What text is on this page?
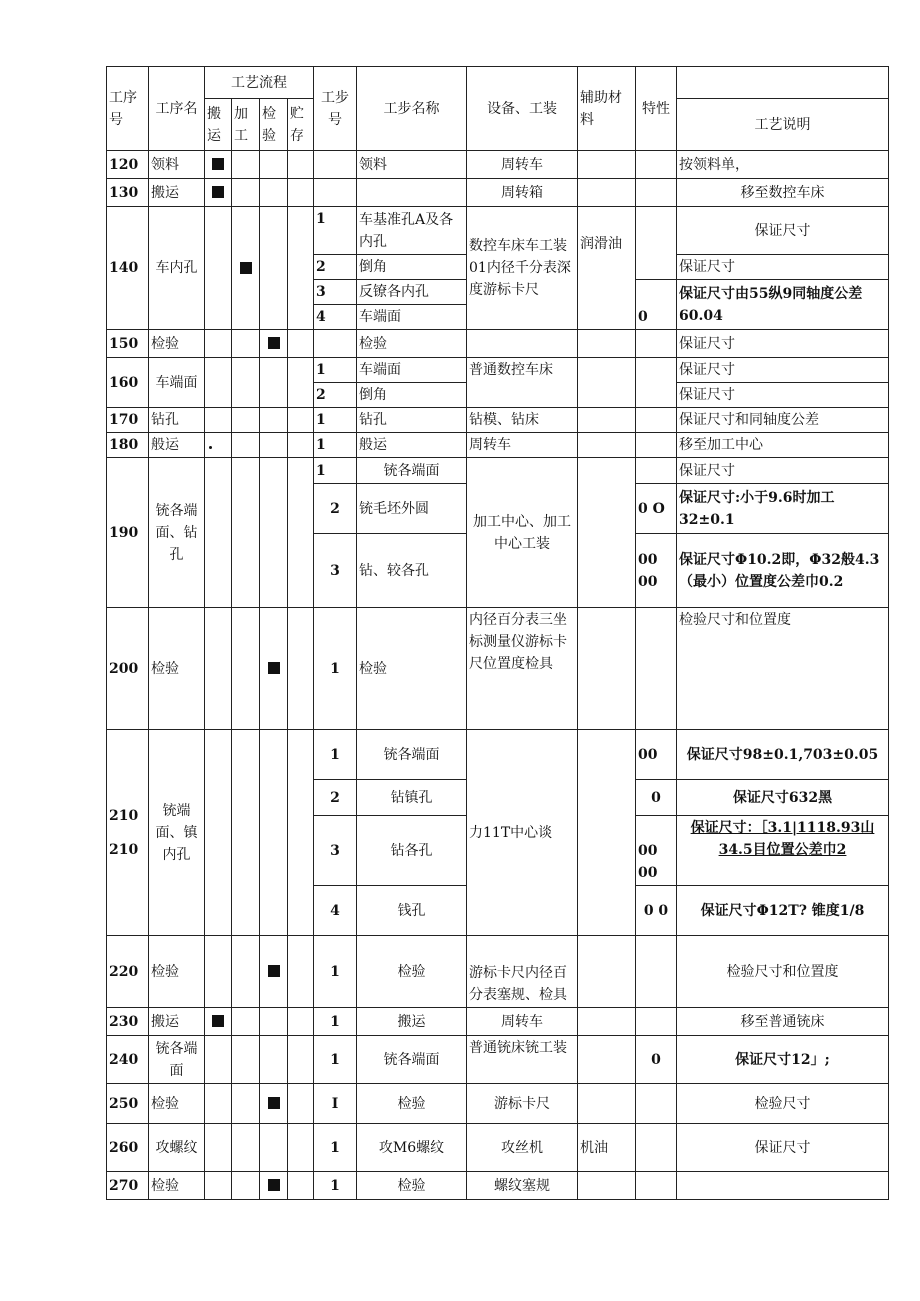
工序号	工序名	工艺流程				工步号	工步名称	设备、工装	辅助材料	特性	
		搬运	加工	检验	贮存						工艺说明
120	领料						领料	周转车			按领料单，
130	搬运							周转箱			移至数控车床
140	车内孔					1	车基准孔A及各内孔	数控车床车工装01内径千分表深度游标卡尺	润滑油		保证尺寸
						2	倒角				保证尺寸
						3	反镣各内孔			0	保证尺寸由55纵9同轴度公差60.04
						4	车端面				
150	检验						检验				保证尺寸
160	车端面					1	车端面	普通数控车床			保证尺寸
						2	倒角				保证尺寸
170	钻孔					1	钻孔	钻模、钻床			保证尺寸和同轴度公差
180	般运					1	般运	周转车			移至加工中心
190	铳各端面、钻孔					1	铳各端面	加工中心、加工中心工装			保证尺寸
						2	铳毛坯外圆			0 O	保证尺寸:小于9.6时加工32±0.1
						3	钻、较各孔			00 00	保证尺寸Φ10.2即，Φ32般4.3（最小）位置度公差巾0.2
200	检验					1	检验	内径百分表三坐标测量仪游标卡尺位置度检具			检验尺寸和位置度

210
210	铳端面、镇内孔					1	铳各端面	力11T中心谈		00	保证尺寸98±0.1,703±0.05
						2	钻镇孔			0	保证尺寸632黑
						3	钻各孔			00 00	保证尺寸：［3.1|1118.93山34.5目位置公差巾2
						4	钱孔			0 0	保证尺寸Φ12T? 锥度1/8
220	检验					1	检验	游标卡尺内径百分表塞规、检具			检验尺寸和位置度
230	搬运					1	搬运	周转车			移至普通铳床
240	铳各端面					1	铳各端面	普通铳床铳工装		0	保证尺寸12」;
250	检验					I	检验	游标卡尺			检验尺寸
260	攻螺纹					1	攻M6螺纹	攻丝机	机油		保证尺寸
270	检验					1	检验	螺纹塞规			
